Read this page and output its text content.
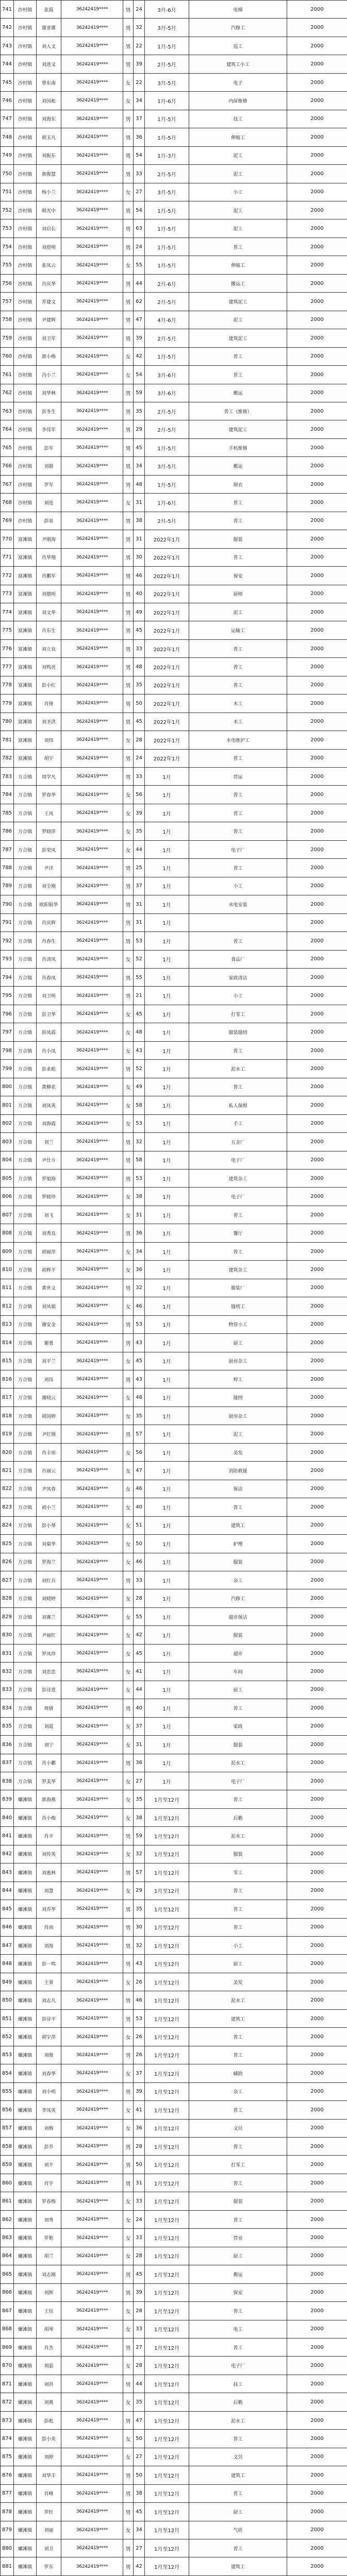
741	沙村镇	张霞	36242419****	男	24	3月-6月	电梯	2000
742	沙村镇	谢亚雄	36242419****	男	32	3月-5月	汽修工	2000
743	沙村镇	刘人文	36242419****	男	22	1月-5月	巡工	2000
744	沙村镇	刘进文	36242419****	男	39	2月-5月	建筑工小工	2000
745	沙村镇	曾东南	36242419****	女	22	3月-5月	电子	2000
746	沙村镇	刘国彪	36242419****	女	34	1月-6月	内屏维修	2000
747	沙村镇	刘海东	36242419****	男	37	1月-5月	技工	2000
748	沙村镇	胡玉凡	36242419****	男	36	1月-5月	伸缩工	2000
749	沙村镇	刘振东	36242419****	男	54	1月-3月	泥工	2000
750	沙村镇	郭俊慧	36242419****	男	33	2月-5月	泥工	2000
751	沙村镇	杨小兰	36242419****	女	27	3月-5月	小工	2000
752	沙村镇	韩光中	36242419****	男	54	1月-5月	泥工	2000
753	沙村镇	刘启长	36242419****	男	63	1月-5月	泥工	2000
754	沙村镇	刘煜明	36242419****	男	24	1月-5月	普工	2000
755	沙村镇	张凤云	36242419****	女	55	1月-5月	伸缩工	2000
756	沙村镇	肖庆华	36242419****	男	44	2月-6月	搬运工	2000
757	沙村镇	乔建文	36242419****	男	62	2月-5月	建筑泥工	2000
758	沙村镇	尹建辉	36242419****	男	47	4月-6月	泥工	2000
759	沙村镇	刘卫军	36242419****	男	39	2月-5月	建筑泥工	2000
760	沙村镇	郭小梅	36242419****	女	42	1月-5月	普工	2000
761	沙村镇	冯小兰	36242419****	女	54	3月-6月	普工	2000
762	沙村镇	刘华林	36242419****	男	59	3月-6月	搬运	2000
763	沙村镇	彭冬生	36242419****	男	35	2月-5月	普工（维修）	2000
764	沙村镇	李伟军	36242419****	男	29	2月-5月	建筑泥工	2000
765	沙村镇	彭军	36242419****	男	45	1月-5月	手机维修	2000
766	沙村镇	刘群	36242419****	男	34	3月-5月	搬运	2000
767	沙村镇	罗军	36242419****	男	48	1月-5月	制衣	2000
768	沙村镇	刘连	36242419****	女	31	1月-6月	普工	2000
769	沙村镇	彭泉	36242419****	男	38	2月-5月	普工	2000
770	富滩镇	尹刚海	36242419****	男	31	2022年1月	服装	2000
771	富滩镇	肖华翔	36242419****	男	30	2022年1月	普工	2000
772	富滩镇	肖鹏军	36242419****	男	46	2022年1月	保安	2000
773	富滩镇	刘德明	36242419****	男	40	2022年1月	厨师	2000
774	富滩镇	刘文华	36242419****	男	49	2022年1月	泥工	2000
775	富滩镇	肖东生	36242419****	男	45	2022年1月	运输工	2000
776	富滩镇	刘立良	36242419****	男	33	2022年1月	普工	2000
777	富滩镇	刘鸣亮	36242419****	男	48	2022年1月	普工	2000
778	富滩镇	彭小红	36242419****	男	35	2022年1月	普工	2000
779	富滩镇	肖锋	36242419****	男	50	2022年1月	木工	2000
780	富滩镇	刘圣洪	36242419****	男	45	2022年1月	木工	2000
781	富滩镇	刘伟	36242419****	女	28	2022年1月	水电维护工	2000
782	富滩镇	胡宇	36242419****	男	24	2022年1月	普工	2000
783	万合镇	周学凡	36242419****	男	33	1月	营运	2000
784	万合镇	罗春华	36242419****	女	56	1月	普工	2000
785	万合镇	王凤	36242419****	女	39	1月	普工	2000
786	万合镇	罗晓萍	36242419****	女	35	1月	普工	2000
787	万合镇	彭荣凤	36242419****	女	44	1月	电子厂	2000
788	万合镇	尹洋	36242419****	男	25	1月	普工	2000
789	万合镇	刘全刚	36242419****	男	37	1月	小工	2000
790	万合镇	欧阳银华	36242419****	男	31	1月	水电安装	2000
791	万合镇	肖庆辉	36242419****	男	31	1月		2000
792	万合镇	肖春生	36242419****	男	53	1月	普工	2000
793	万合镇	肖清凤	36242419****	女	52	1月	食品厂	2000
794	万合镇	肖春凤	36242419****	男	55	1月	家政清洁	2000
795	万合镇	刘卫明	36242419****	男	21	1月	小工	2000
796	万合镇	彭卫华	36242419****	女	45	1月	打零工	2000
797	万合镇	彭凤霞	36242419****	女	48	1月	服装缝纫	2000
798	万合镇	肖小凤	36242419****	女	43	1月	普工	2000
799	万合镇	彭求彪	36242419****	男	52	1月	泥水工	2000
800	万合镇	黄柳花	36242419****	女	49	1月	普工	2000
801	万合镇	刘凤英	36242419****	女	58	1月	私人保姆	2000
802	万合镇	刘海霞	36242419****	女	53	1月	手工	2000
803	万合镇	刘兰	36242419****	男	32	1月	五金厂	2000
804	万合镇	尹仕方	36242419****	男	58	1月	电子厂	2000
805	万合镇	罗旭海	36242419****	男	53	1月	建筑杂工	2000
806	万合镇	罗晓珍	36242419****	女	38	1月	电子厂	2000
807	万合镇	刘飞	36242419****	女	31	1月	普工	2000
808	万合镇	刘秀良	36242419****	男	36	1月	餐厅	2000
809	万合镇	胡丽萍	36242419****	女	34	1月	普工	2000
810	万合镇	胡辉平	36242419****	女	36	1月	建筑杂工	2000
811	万合镇	黄世义	36242419****	男	32	1月	服装厂	2000
812	万合镇	刘凤娟	36242419****	女	46	1月	缝纫工	2000
813	万合镇	谢安金	36242419****	男	53	1月	物管小工	2000
814	万合镇	谢勇	36242419****	男	43	1月	厨工	2000
815	万合镇	刘平兰	36242419****	女	45	1月	厨房杂工	2000
816	万合镇	刘伟	36242419****	男	43	1月	焊工	2000
817	万合镇	谢晓云	36242419****	女	48	1月	缝纫	2000
818	万合镇	胡国婷	36242419****	女	35	1月	厨房杂工	2000
819	万合镇	尹红钢	36242419****	男	57	1月	泥工	2000
820	万合镇	肖丰琼	36242419****	女	56	1月	美发	2000
821	万合镇	肖丽云	36242419****	女	47	1月	消防救援	2000
822	万合镇	尹凤春	36242419****	女	46	1月	保洁	2000
823	万合镇	胡小兰	36242419****	女	40	1月	普工	2000
824	万合镇	彭小琴	36242419****	女	51	1月	建筑工	2000
825	万合镇	刘菊华	36242419****	女	50	1月	护理	2000
826	万合镇	罗海兰	36242419****	女	46	1月	服装	2000
827	万合镇	刘红兵	36242419****	男	33	1月	杂工	2000
828	万合镇	刘晓婷	36242419****	女	28	1月	汽修工	2000
829	万合镇	刘赛兰	36242419****	女	55	1月	超市保洁	2000
830	万合镇	尹丽红	36242419****	女	42	1月	服装	2000
831	万合镇	罗凤珍	36242419****	女	45	1月	超市	2000
832	万合镇	刘恋恋	36242419****	女	41	1月	车间	2000
833	万合镇	彭诗意	36242419****	女	44	1月	厨工	2000
834	万合镇	周倩	36242419****	男	40	1月	普工	2000
835	万合镇	刘霞	36242419****	女	37	1月	家政	2000
836	万合镇	刘宁	36242419****	女	31	1月	服装	2000
837	万合镇	肖小鹏	36242419****	男	36	1月	泥水工	2000
838	万合镇	罗美华	36242419****	女	27	1月	电子厂	2000
839	螺滩镇	郭海燕	36242419****	女	35	1月至12月	普工	2000
840	螺滩镇	肖小梅	36242419****	女	38	1月至12月	后勤	2000
841	螺滩镇	肖平	36242419****	男	59	1月至12月	泥水工	2000
842	螺滩镇	刘传英	36242419****	女	32	1月至12月	服装	2000
843	螺滩镇	刘惠林	36242419****	男	57	1月至12月	零工	2000
844	螺滩镇	刘慧	36242419****	女	29	1月至12月	普工	2000
845	螺滩镇	刘乔华	36242419****	男	35	1月至12月	普工	2000
846	螺滩镇	肖雨	36242419****	男	30	1月至12月	普工	2000
847	螺滩镇	刘海	36242419****	男	32	1月至12月	小工	2000
848	螺滩镇	彭一鸣	36242419****	男	43	1月至12月	厨工	2000
849	螺滩镇	王翠	36242419****	女	26	1月至12月	美发	2000
850	螺滩镇	刘志凡	36242419****	男	46	1月至12月	泥水工	2000
851	螺滩镇	彭诗平	36242419****	男	53	1月至12月	建筑工	2000
852	螺滩镇	胡宇萍	36242419****	女	26	1月至12月	普工	2000
853	螺滩镇	刘俊	36242419****	男	26	1月至12月	普工	2000
854	螺滩镇	刘春华	36242419****	女	37	1月至12月	辅助	2000
855	螺滩镇	刘小明	36242419****	男	39	1月至12月	杂工	2000
856	螺滩镇	李凤英	36242419****	女	41	1月至12月	普工	2000
857	螺滩镇	刘梅	36242419****	女	36	1月至12月	文员	2000
858	螺滩镇	彭乔	36242419****	男	28	1月至12月	普工	2000
859	螺滩镇	刘平	36242419****	男	50	1月至12月	打零工	2000
860	螺滩镇	肖宇	36242419****	男	31	1月至12月	普工	2000
861	螺滩镇	罗春梅	36242419****	女	33	1月至12月	服装	2000
862	螺滩镇	刘秀	36242419****	女	24	1月至12月	普工	2000
863	螺滩镇	罗艳	36242419****	女	33	1月至12月	营业	2000
864	螺滩镇	胡兰	36242419****	女	28	1月至12月	厨工	2000
865	螺滩镇	刘志刚	36242419****	男	45	1月至12月	搬运	2000
866	螺滩镇	刘辉	36242419****	男	39	1月至12月	保安	2000
867	螺滩镇	王钰	36242419****	女	28	1月至12月	普工	2000
868	螺滩镇	胡琴	36242419****	女	33	1月至12月	电工	2000
869	螺滩镇	肖杰	36242419****	男	27	1月至12月	普工	2000
870	螺滩镇	刘茹	36242419****	女	28	1月至12月	电子厂	2000
871	螺滩镇	刘洪	36242419****	男	44	1月至12月	技工	2000
872	螺滩镇	刘燕	36242419****	女	35	1月至12月	后勤	2000
873	螺滩镇	彭彪	36242419****	男	47	1月至12月	泥水工	2000
874	螺滩镇	彭小英	36242419****	女	50	1月至12月	普工	2000
875	螺滩镇	刘婷	36242419****	女	27	1月至12月	文员	2000
876	螺滩镇	刘华丰	36242419****	男	50	1月至12月	建筑工	2000
877	螺滩镇	肖峰	36242419****	男	38	1月至12月	普工	2000
878	螺滩镇	罗红	36242419****	男	45	1月至12月	厨工	2000
879	螺滩镇	刘丽	36242419****	女	34	1月至12月	气砖	2000
880	螺滩镇	刘卫	36242419****	男	27	1月至12月	普工	2000
881	螺滩镇	罗东	36242419****	男	42	1月至12月	建筑工	2000
